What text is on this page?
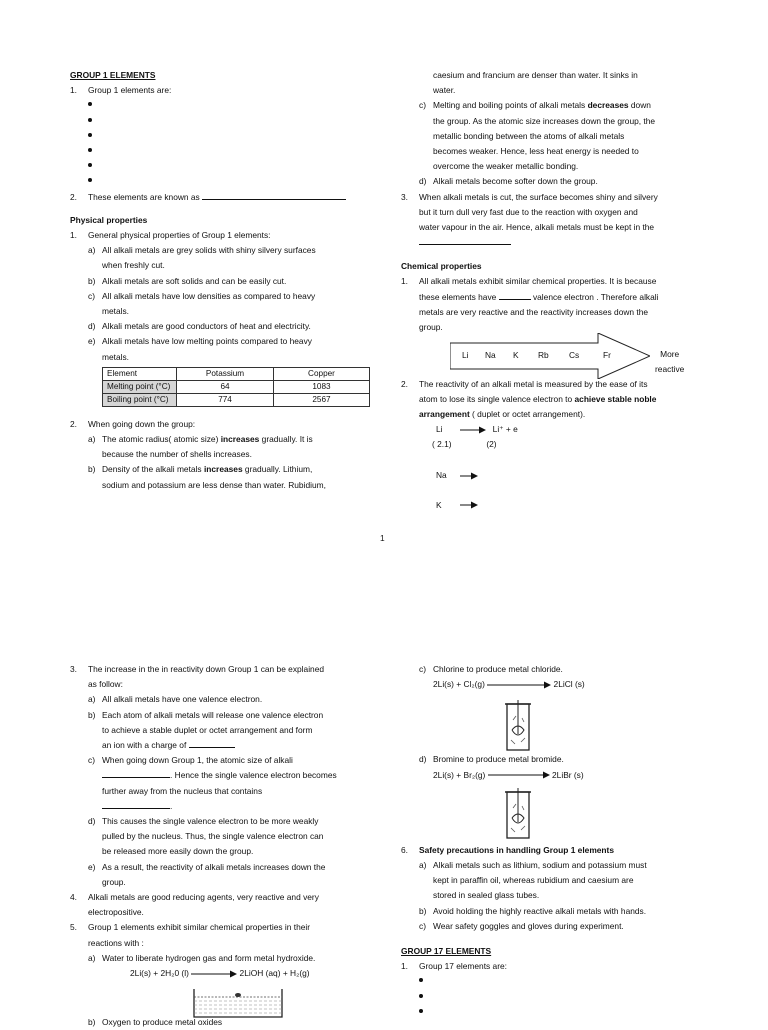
GROUP 1 ELEMENTS
1.	Group 1 elements are:
2.	These elements are known as
Physical properties
1.	General physical properties of Group 1 elements:
a) All alkali metals are grey solids with shiny silvery surfaces
when freshly cut.
b) Alkali metals are soft solids and can be easily cut.
c) All alkali metals have low densities as compared to heavy
metals.
d) Alkali metals are good conductors of heat and electricity.
e) Alkali metals have low melting points compared to heavy
metals.
Element	Potassium	Copper
Melting point (°C)	64	1083
Boiling point (°C)	774	2567
2.	When going down the group:
a) The atomic radius( atomic size) increases gradually. It is
because the number of shells increases.
b) Density of the alkali metals increases gradually. Lithium,
sodium and potassium are less dense than water. Rubidium,
caesium and francium are denser than water. It sinks in
water.
c) Melting and boiling points of alkali metals decreases down
the group. As the atomic size increases down the group, the
metallic bonding between the atoms of alkali metals
becomes weaker. Hence, less heat energy is needed to
overcome the weaker metallic bonding.
d) Alkali metals become softer down the group.
3.	When alkali metals is cut, the surface becomes shiny and silvery
but it turn dull very fast due to the reaction with oxygen and
water vapour in the air. Hence, alkali metals must be kept in the
Chemical properties
1.	All alkali metals exhibit similar chemical properties. It is because
these elements have	valence electron . Therefore alkali
metals are very reactive and the reactivity increases down the
group.
Li Na K Rb Cs	Fr	More
reactive
2.	The reactivity of an alkali metal is measured by the ease of its
atom to lose its single valence electron to achieve stable noble
arrangement ( duplet or octet arrangement).
Li	Li⁺ + e
( 2.1)	(2)
Na
K
1
3.	The increase in the in reactivity down Group 1 can be explained
as follow:
a) All alkali metals have one valence electron.
b) Each atom of alkali metals will release one valence electron
to achieve a stable duplet or octet arrangement and form
an ion with a charge of
c) When going down Group 1, the atomic size of alkali
. Hence the single valence electron becomes
further away from the nucleus that contains
.
d) This causes the single valence electron to be more weakly
pulled by the nucleus. Thus, the single valence electron can
be released more easily down the group.
e) As a result, the reactivity of alkali metals increases down the
group.
4.	Alkali metals are good reducing agents, very reactive and very
electropositive.
5.	Group 1 elements exhibit similar chemical properties in their
reactions with :
a) Water to liberate hydrogen gas and form metal hydroxide.
2Li(s) + 2H₂0 (l)	2LiOH (aq) + H₂(g)
b) Oxygen to produce metal oxides
c) Chlorine to produce metal chloride.
2Li(s) + Cl₂(g)	2LiCl (s)
d) Bromine to produce metal bromide.
2Li(s) + Br₂(g)	2LiBr (s)
6.	Safety precautions in handling Group 1 elements
a) Alkali metals such as lithium, sodium and potassium must
kept in paraffin oil, whereas rubidium and caesium are
stored in sealed glass tubes.
b) Avoid holding the highly reactive alkali metals with hands.
c) Wear safety goggles and gloves during experiment.
GROUP 17 ELEMENTS
1.	Group 17 elements are:
